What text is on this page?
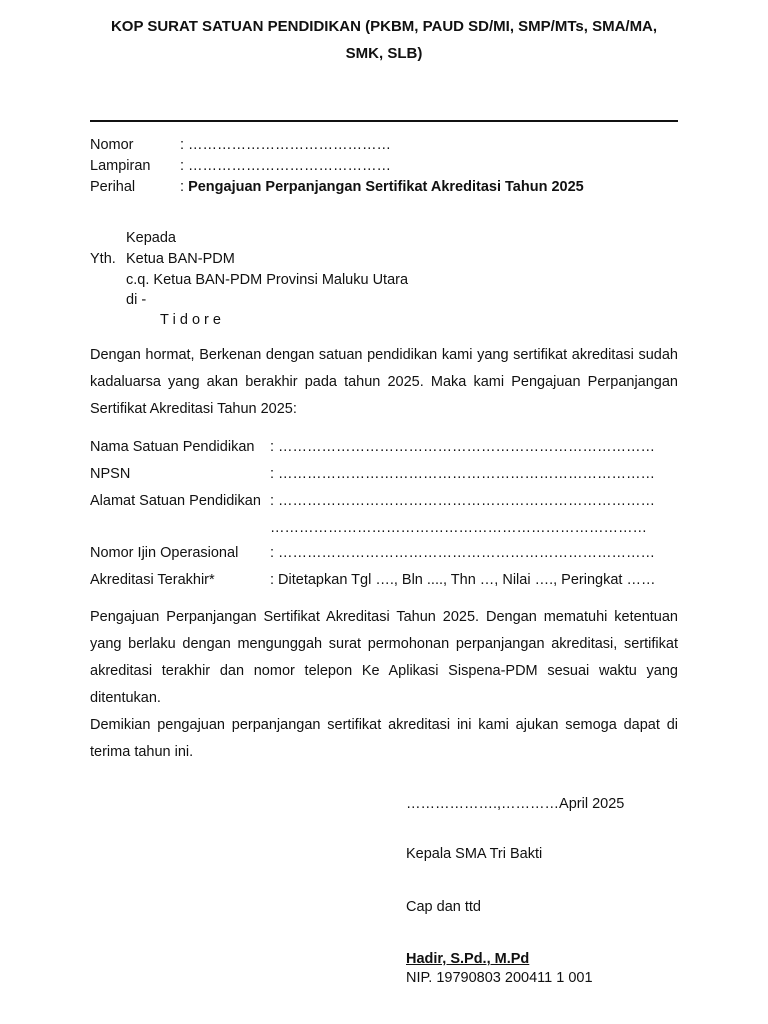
KOP SURAT SATUAN PENDIDIKAN (PKBM, PAUD SD/MI, SMP/MTs, SMA/MA,
SMK, SLB)
Nomor	: ……………………………………
Lampiran : ……………………………………
Perihal	: Pengajuan Perpanjangan Sertifikat Akreditasi Tahun 2025
Kepada
Yth. Ketua BAN-PDM
c.q. Ketua BAN-PDM Provinsi Maluku Utara
di -
T i d o r e
Dengan hormat, Berkenan dengan satuan pendidikan kami yang sertifikat akreditasi sudah kadaluarsa yang akan berakhir pada tahun 2025. Maka kami Pengajuan Perpanjangan Sertifikat Akreditasi Tahun 2025:
Nama Satuan Pendidikan : ……………………………………………………………………
NPSN	: ……………………………………………………………………
Alamat Satuan Pendidikan : ……………………………………………………………………
……………………………………………………………………
Nomor Ijin Operasional : ……………………………………………………………………
Akreditasi Terakhir*	: Ditetapkan Tgl …., Bln ...., Thn …, Nilai …., Peringkat ……
Pengajuan Perpanjangan Sertifikat Akreditasi Tahun 2025. Dengan mematuhi ketentuan yang berlaku dengan mengunggah surat permohonan perpanjangan akreditasi, sertifikat akreditasi terakhir dan nomor telepon Ke Aplikasi Sispena-PDM sesuai waktu yang ditentukan.
Demikian pengajuan perpanjangan sertifikat akreditasi ini kami ajukan semoga dapat di terima tahun ini.
……………….,…………April 2025
Kepala SMA Tri Bakti
Cap dan ttd
Hadir, S.Pd., M.Pd
NIP. 19790803 200411 1 001
